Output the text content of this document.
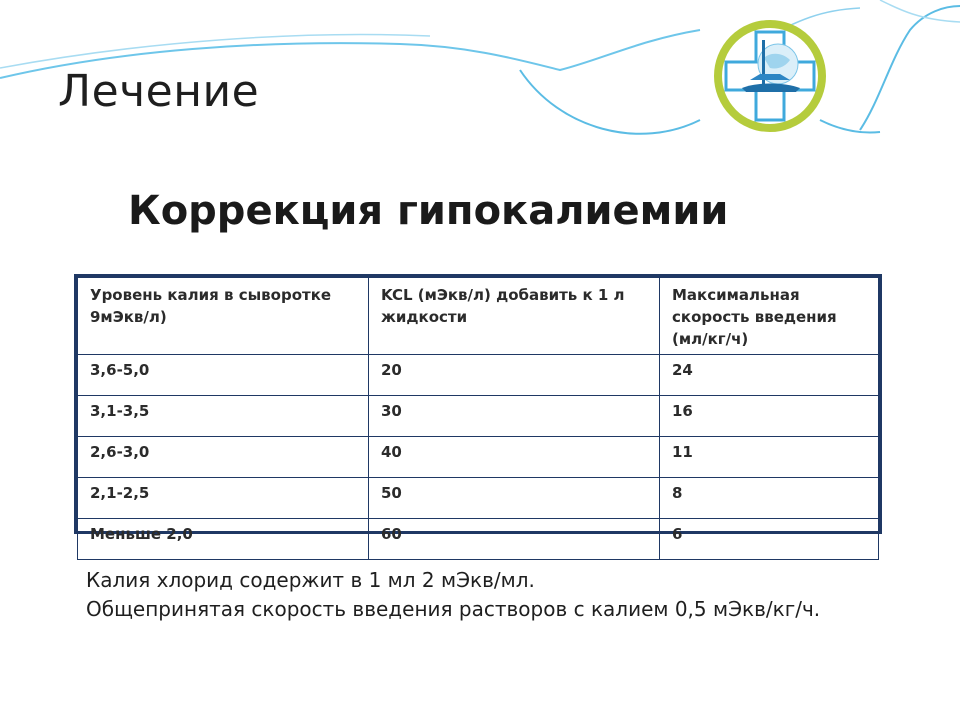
Лечение
Коррекция гипокалиемии
Уровень калия в сыворотке 9мЭкв/л)	KCL (мЭкв/л) добавить к 1 л жидкости	Максимальная скорость введения (мл/кг/ч)
3,6-5,0	20	24
3,1-3,5	30	16
2,6-3,0	40	11
2,1-2,5	50	8
Меньше 2,0	60	6

Калия хлорид содержит в 1 мл 2 мЭкв/мл.

Общепринятая скорость введения растворов с калием 0,5 мЭкв/кг/ч.
